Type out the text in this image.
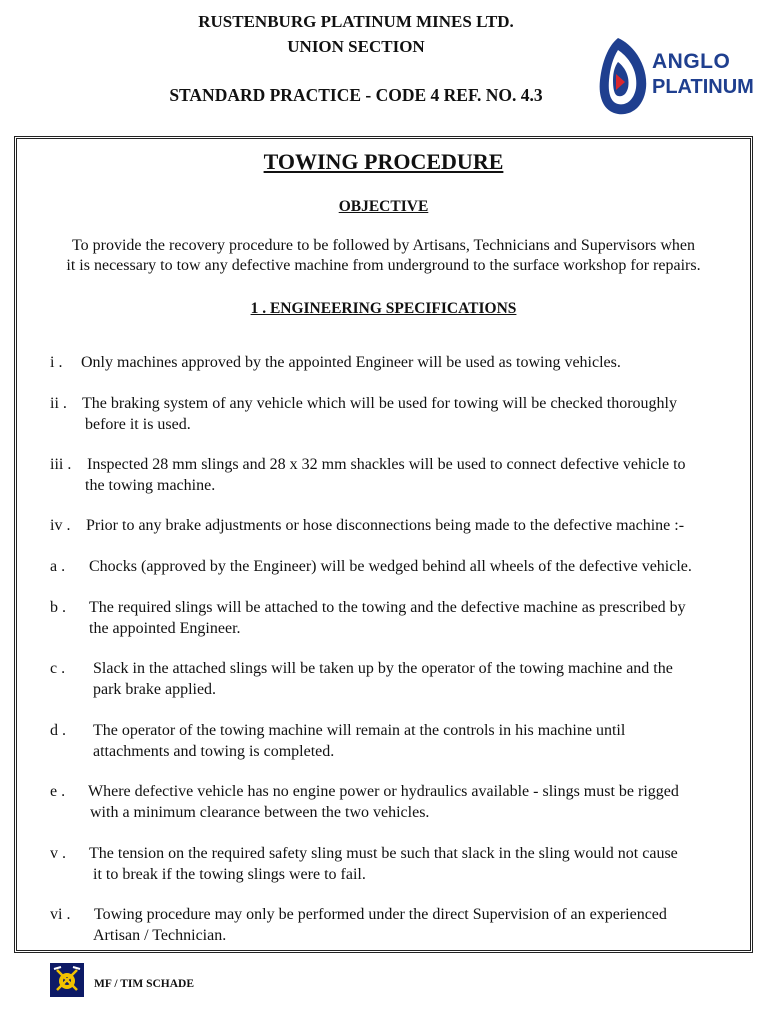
RUSTENBURG PLATINUM MINES LTD.
UNION SECTION
STANDARD PRACTICE - CODE 4 REF. NO. 4.3
ANGLO
PLATINUM
TOWING PROCEDURE
OBJECTIVE
To provide the recovery procedure to be followed by Artisans, Technicians and Supervisors when
it is necessary to tow any defective machine from underground to the surface workshop for repairs.
1 . ENGINEERING SPECIFICATIONS
i . Only machines approved by the appointed Engineer will be used as towing vehicles.
ii . The braking system of any vehicle which will be used for towing will be checked thoroughly
before it is used.
iii . Inspected 28 mm slings and 28 x 32 mm shackles will be used to connect defective vehicle to
the towing machine.
iv . Prior to any brake adjustments or hose disconnections being made to the defective machine :-
a . Chocks (approved by the Engineer) will be wedged behind all wheels of the defective vehicle.
b . The required slings will be attached to the towing and the defective machine as prescribed by
the appointed Engineer.
c . Slack in the attached slings will be taken up by the operator of the towing machine and the
park brake applied.
d . The operator of the towing machine will remain at the controls in his machine until
attachments and towing is completed.
e . Where defective vehicle has no engine power or hydraulics available - slings must be rigged
with a minimum clearance between the two vehicles.
v . The tension on the required safety sling must be such that slack in the sling would not cause
it to break if the towing slings were to fail.
vi . Towing procedure may only be performed under the direct Supervision of an experienced
Artisan / Technician.
MF / TIM SCHADE
